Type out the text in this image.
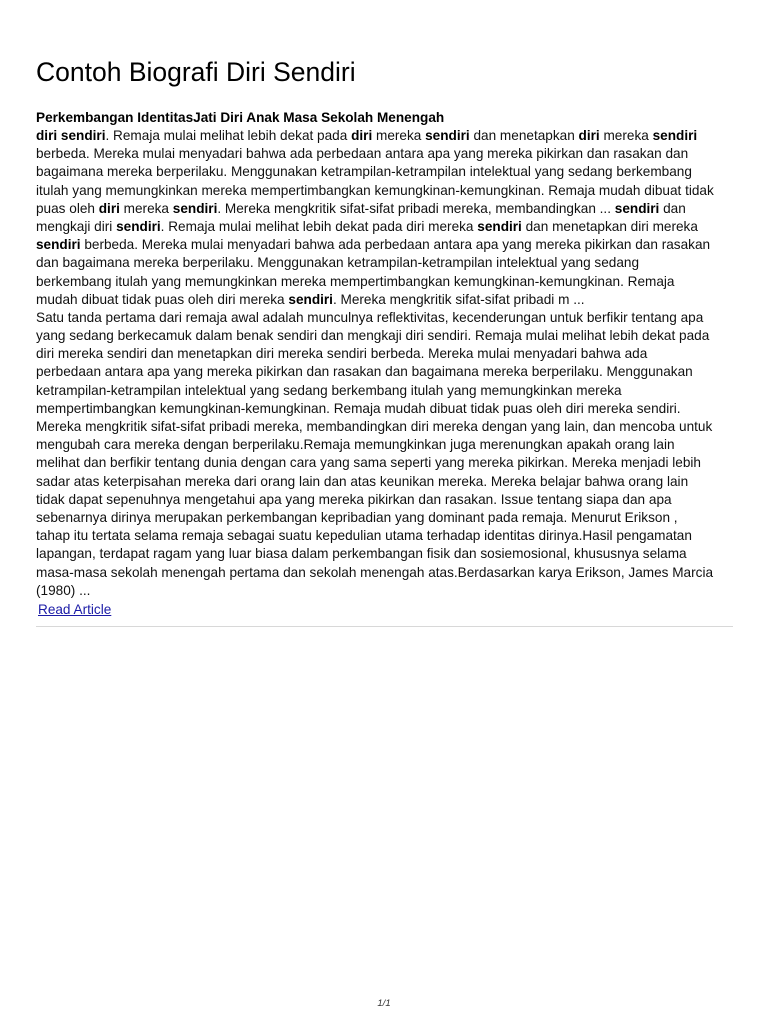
Contoh Biografi Diri Sendiri
Perkembangan IdentitasJati Diri Anak Masa Sekolah Menengah
diri sendiri. Remaja mulai melihat lebih dekat pada diri mereka sendiri dan menetapkan diri mereka sendiri
berbeda. Mereka mulai menyadari bahwa ada perbedaan antara apa yang mereka pikirkan dan rasakan dan
bagaimana mereka berperilaku. Menggunakan ketrampilan-ketrampilan intelektual yang sedang berkembang
itulah yang memungkinkan mereka mempertimbangkan kemungkinan-kemungkinan. Remaja mudah dibuat tidak
puas oleh diri mereka sendiri. Mereka mengkritik sifat-sifat pribadi mereka, membandingkan ... sendiri dan
mengkaji diri sendiri. Remaja mulai melihat lebih dekat pada diri mereka sendiri dan menetapkan diri mereka
sendiri berbeda. Mereka mulai menyadari bahwa ada perbedaan antara apa yang mereka pikirkan dan rasakan
dan bagaimana mereka berperilaku. Menggunakan ketrampilan-ketrampilan intelektual yang sedang
berkembang itulah yang memungkinkan mereka mempertimbangkan kemungkinan-kemungkinan. Remaja
mudah dibuat tidak puas oleh diri mereka sendiri. Mereka mengkritik sifat-sifat pribadi m ...
Satu tanda pertama dari remaja awal adalah munculnya reflektivitas, kecenderungan untuk berfikir tentang apa
yang sedang berkecamuk dalam benak sendiri dan mengkaji diri sendiri. Remaja mulai melihat lebih dekat pada
diri mereka sendiri dan menetapkan diri mereka sendiri berbeda. Mereka mulai menyadari bahwa ada
perbedaan antara apa yang mereka pikirkan dan rasakan dan bagaimana mereka berperilaku. Menggunakan
ketrampilan-ketrampilan intelektual yang sedang berkembang itulah yang memungkinkan mereka
mempertimbangkan kemungkinan-kemungkinan. Remaja mudah dibuat tidak puas oleh diri mereka sendiri.
Mereka mengkritik sifat-sifat pribadi mereka, membandingkan diri mereka dengan yang lain, dan mencoba untuk
mengubah cara mereka dengan berperilaku.Remaja memungkinkan juga merenungkan apakah orang lain
melihat dan berfikir tentang dunia dengan cara yang sama seperti yang mereka pikirkan. Mereka menjadi lebih
sadar atas keterpisahan mereka dari orang lain dan atas keunikan mereka. Mereka belajar bahwa orang lain
tidak dapat sepenuhnya mengetahui apa yang mereka pikirkan dan rasakan. Issue tentang siapa dan apa
sebenarnya dirinya merupakan perkembangan kepribadian yang dominant pada remaja. Menurut Erikson ,
tahap itu tertata selama remaja sebagai suatu kepedulian utama terhadap identitas dirinya.Hasil pengamatan
lapangan, terdapat ragam yang luar biasa dalam perkembangan fisik dan sosiemosional, khususnya selama
masa-masa sekolah menengah pertama dan sekolah menengah atas.Berdasarkan karya Erikson, James Marcia
(1980) ...
Read Article
1/1
